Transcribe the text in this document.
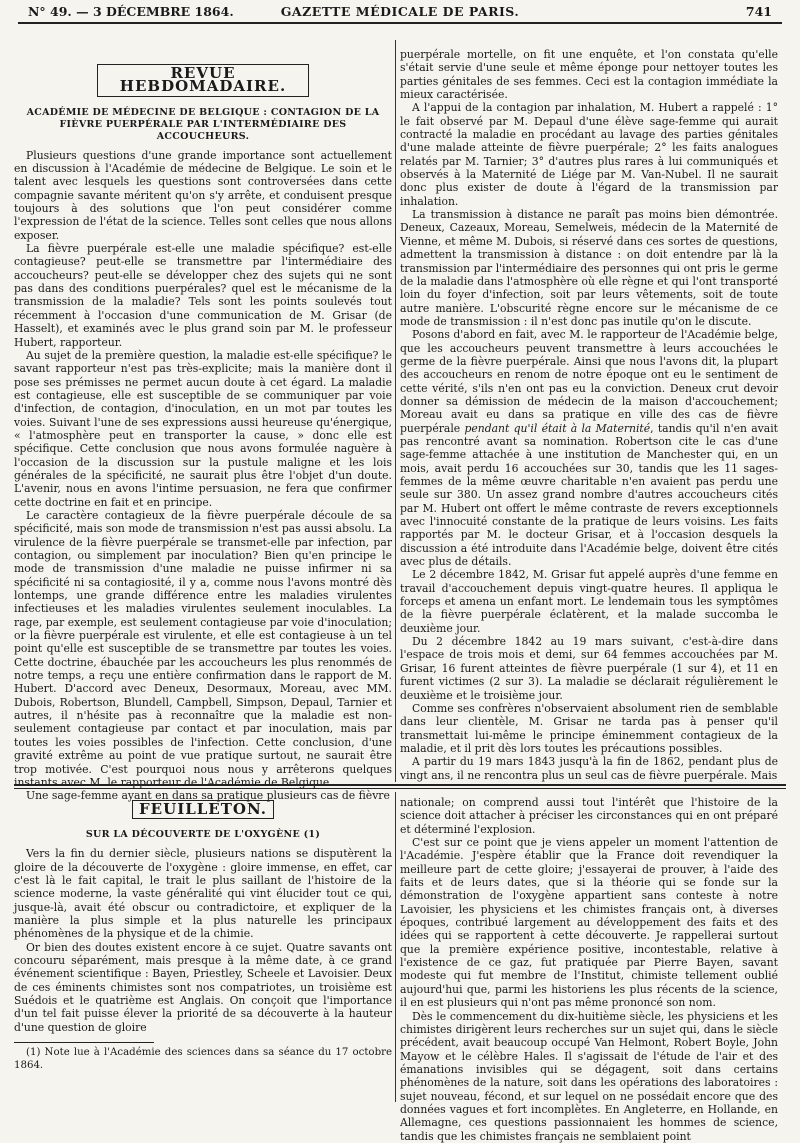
N° 49. — 3 DÉCEMBRE 1864.	GAZETTE MÉDICALE DE PARIS.	741
REVUE HEBDOMADAIRE.
ACADÉMIE DE MÉDECINE DE BELGIQUE : CONTAGION DE LA FIÈVRE PUERPÉRALE PAR L'INTERMÉDIAIRE DES ACCOUCHEURS.

Plusieurs questions d'une grande importance sont actuellement en discussion à l'Académie de médecine de Belgique. Le soin et le talent avec lesquels les questions sont controversées dans cette compagnie savante méritent qu'on s'y arrête, et conduisent presque toujours à des solutions que l'on peut considérer comme l'expression de l'état de la science. Telles sont celles que nous allons exposer.

La fièvre puerpérale est-elle une maladie spécifique? est-elle contagieuse? peut-elle se transmettre par l'intermédiaire des accoucheurs? peut-elle se développer chez des sujets qui ne sont pas dans des conditions puerpérales? quel est le mécanisme de la transmission de la maladie? Tels sont les points soulevés tout récemment à l'occasion d'une communication de M. Grisar (de Hasselt), et examinés avec le plus grand soin par M. le professeur Hubert, rapporteur.

Au sujet de la première question, la maladie est-elle spécifique? le savant rapporteur n'est pas très-explicite; mais la manière dont il pose ses prémisses ne permet aucun doute à cet égard. La maladie est contagieuse, elle est susceptible de se communiquer par voie d'infection, de contagion, d'inoculation, en un mot par toutes les voies. Suivant l'une de ses expressions aussi heureuse qu'énergique, « l'atmosphère peut en transporter la cause, » donc elle est spécifique. Cette conclusion que nous avons formulée naguère à l'occasion de la discussion sur la pustule maligne et les lois générales de la spécificité, ne saurait plus être l'objet d'un doute. L'avenir, nous en avons l'intime persuasion, ne fera que confirmer cette doctrine en fait et en principe.

Le caractère contagieux de la fièvre puerpérale découle de sa spécificité, mais son mode de transmission n'est pas aussi absolu. La virulence de la fièvre puerpérale se transmet-elle par infection, par contagion, ou simplement par inoculation? Bien qu'en principe le mode de transmission d'une maladie ne puisse infirmer ni sa spécificité ni sa contagiosité, il y a, comme nous l'avons montré dès lontemps, une grande différence entre les maladies virulentes infectieuses et les maladies virulentes seulement inoculables. La rage, par exemple, est seulement contagieuse par voie d'inoculation; or la fièvre puerpérale est virulente, et elle est contagieuse à un tel point qu'elle est susceptible de se transmettre par toutes les voies. Cette doctrine, ébauchée par les accoucheurs les plus renommés de notre temps, a reçu une entière confirmation dans le rapport de M. Hubert. D'accord avec Deneux, Desormaux, Moreau, avec MM. Dubois, Robertson, Blundell, Campbell, Simpson, Depaul, Tarnier et autres, il n'hésite pas à reconnaître que la maladie est non-seulement contagieuse par contact et par inoculation, mais par toutes les voies possibles de l'infection. Cette conclusion, d'une gravité extrême au point de vue pratique surtout, ne saurait être trop motivée. C'est pourquoi nous nous y arrêterons quelques instants avec M. le rapporteur de l'Académie de Belgique.

Une sage-femme ayant en dans sa pratique plusieurs cas de fièvre

puerpérale mortelle, on fit une enquête, et l'on constata qu'elle s'était servie d'une seule et même éponge pour nettoyer toutes les parties génitales de ses femmes. Ceci est la contagion immédiate la mieux caractérisée.

A l'appui de la contagion par inhalation, M. Hubert a rappelé : 1° le fait observé par M. Depaul d'une élève sage-femme qui aurait contracté la maladie en procédant au lavage des parties génitales d'une malade atteinte de fièvre puerpérale; 2° les faits analogues relatés par M. Tarnier; 3° d'autres plus rares à lui communiqués et observés à la Maternité de Liége par M. Van-Nubel. Il ne saurait donc plus exister de doute à l'égard de la transmission par inhalation.

La transmission à distance ne paraît pas moins bien démontrée. Deneux, Cazeaux, Moreau, Semelweis, médecin de la Maternité de Vienne, et même M. Dubois, si réservé dans ces sortes de questions, admettent la transmission à distance : on doit entendre par là la transmission par l'intermédiaire des personnes qui ont pris le germe de la maladie dans l'atmosphère où elle règne et qui l'ont transporté loin du foyer d'infection, soit par leurs vêtements, soit de toute autre manière. L'obscurité règne encore sur le mécanisme de ce mode de transmission : il n'est donc pas inutile qu'on le discute.

Posons d'abord en fait, avec M. le rapporteur de l'Académie belge, que les accoucheurs peuvent transmettre à leurs accouchées le germe de la fièvre puerpérale. Ainsi que nous l'avons dit, la plupart des accoucheurs en renom de notre époque ont eu le sentiment de cette vérité, s'ils n'en ont pas eu la conviction. Deneux crut devoir donner sa démission de médecin de la maison d'accouchement; Moreau avait eu dans sa pratique en ville des cas de fièvre puerpérale pendant qu'il était à la Maternité, tandis qu'il n'en avait pas rencontré avant sa nomination. Robertson cite le cas d'une sage-femme attachée à une institution de Manchester qui, en un mois, avait perdu 16 accouchées sur 30, tandis que les 11 sages-femmes de la même œuvre charitable n'en avaient pas perdu une seule sur 380. Un assez grand nombre d'autres accoucheurs cités par M. Hubert ont offert le même contraste de revers exceptionnels avec l'innocuité constante de la pratique de leurs voisins. Les faits rapportés par M. le docteur Grisar, et à l'occasion desquels la discussion a été introduite dans l'Académie belge, doivent être cités avec plus de détails.

Le 2 décembre 1842, M. Grisar fut appelé auprès d'une femme en travail d'accouchement depuis vingt-quatre heures. Il appliqua le forceps et amena un enfant mort. Le lendemain tous les symptômes de la fièvre puerpérale éclatèrent, et la malade succomba le deuxième jour.

Du 2 décembre 1842 au 19 mars suivant, c'est-à-dire dans l'espace de trois mois et demi, sur 64 femmes accouchées par M. Grisar, 16 furent atteintes de fièvre puerpérale (1 sur 4), et 11 en furent victimes (2 sur 3). La maladie se déclarait régulièrement le deuxième et le troisième jour.

Comme ses confrères n'observaient absolument rien de semblable dans leur clientèle, M. Grisar ne tarda pas à penser qu'il transmettait lui-même le principe éminemment contagieux de la maladie, et il prit dès lors toutes les précautions possibles.

A partir du 19 mars 1843 jusqu'à la fin de 1862, pendant plus de vingt ans, il ne rencontra plus un seul cas de fièvre puerpérale. Mais

FEUILLETON.
SUR LA DÉCOUVERTE DE L'OXYGÈNE (1)

Vers la fin du dernier siècle, plusieurs nations se disputèrent la gloire de la découverte de l'oxygène : gloire immense, en effet, car c'est là le fait capital, le trait le plus saillant de l'histoire de la science moderne, la vaste généralité qui vint élucider tout ce qui, jusque-là, avait été obscur ou contradictoire, et expliquer de la manière la plus simple et la plus naturelle les principaux phénomènes de la physique et de la chimie.

Or bien des doutes existent encore à ce sujet. Quatre savants ont concouru séparément, mais presque à la même date, à ce grand événement scientifique : Bayen, Priestley, Scheele et Lavoisier. Deux de ces éminents chimistes sont nos compatriotes, un troisième est Suédois et le quatrième est Anglais. On conçoit que l'importance d'un tel fait puisse élever la priorité de sa découverte à la hauteur d'une question de gloire

(1) Note lue à l'Académie des sciences dans sa séance du 17 octobre 1864.

nationale; on comprend aussi tout l'intérêt que l'histoire de la science doit attacher à préciser les circonstances qui en ont préparé et déterminé l'explosion.

C'est sur ce point que je viens appeler un moment l'attention de l'Académie. J'espère établir que la France doit revendiquer la meilleure part de cette gloire; j'essayerai de prouver, à l'aide des faits et de leurs dates, que si la théorie qui se fonde sur la démonstration de l'oxygène appartient sans conteste à notre Lavoisier, les physiciens et les chimistes français ont, à diverses époques, contribué largement au développement des faits et des idées qui se rapportent à cette découverte. Je rappellerai surtout que la première expérience positive, incontestable, relative à l'existence de ce gaz, fut pratiquée par Pierre Bayen, savant modeste qui fut membre de l'Institut, chimiste tellement oublié aujourd'hui que, parmi les historiens les plus récents de la science, il en est plusieurs qui n'ont pas même prononcé son nom.

Dès le commencement du dix-huitième siècle, les physiciens et les chimistes dirigèrent leurs recherches sur un sujet qui, dans le siècle précédent, avait beaucoup occupé Van Helmont, Robert Boyle, John Mayow et le célèbre Hales. Il s'agissait de l'étude de l'air et des émanations invisibles qui se dégagent, soit dans certains phénomènes de la nature, soit dans les opérations des laboratoires : sujet nouveau, fécond, et sur lequel on ne possédait encore que des données vagues et fort incomplètes. En Angleterre, en Hollande, en Allemagne, ces questions passionnaient les hommes de science, tandis que les chimistes français ne semblaient point
